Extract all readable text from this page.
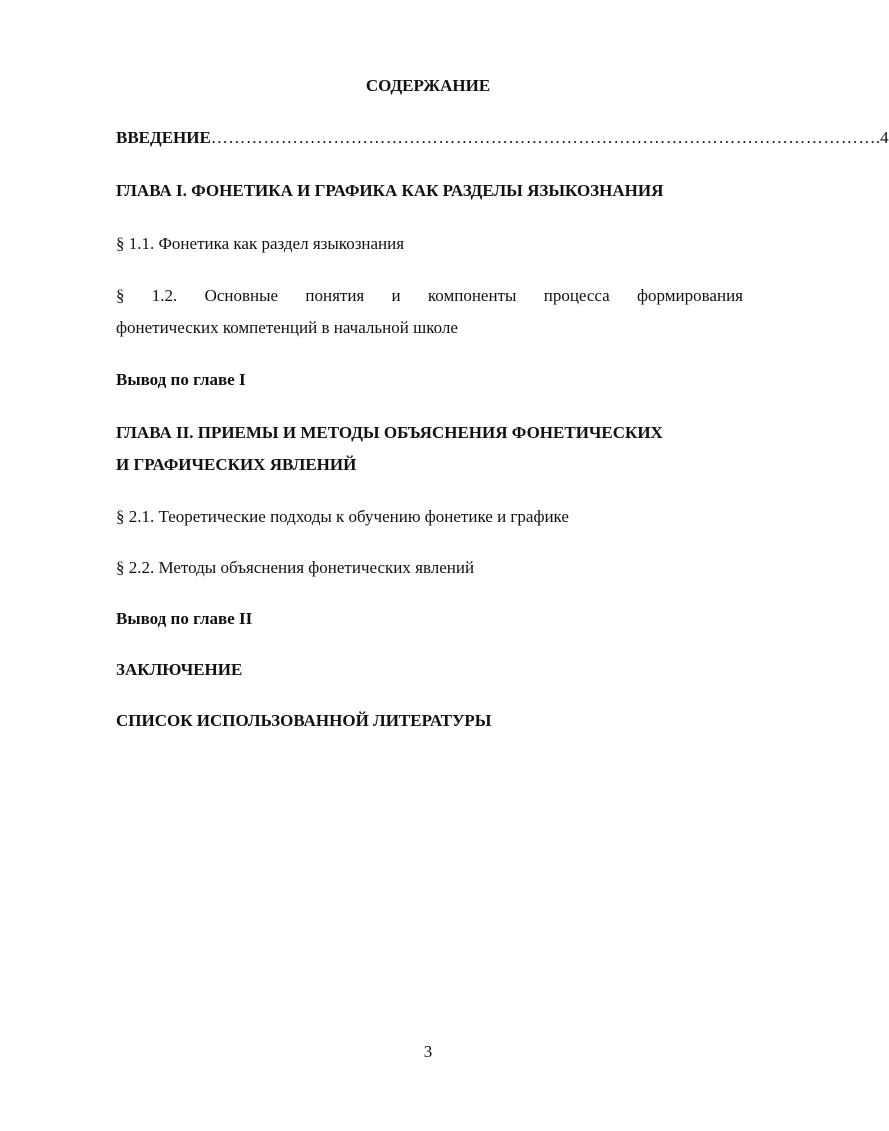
СОДЕРЖАНИЕ
ВВЕДЕНИЕ …………………………………………………………………………………………………… .4
ГЛАВА I. ФОНЕТИКА И ГРАФИКА КАК РАЗДЕЛЫ ЯЗЫКОЗНАНИЯ
§ 1.1. Фонетика как раздел языкознания
§ 1.2. Основные понятия и компоненты процесса формирования
фонетических компетенций в начальной школе
Вывод по главе I
ГЛАВА II. ПРИЕМЫ И МЕТОДЫ ОБЪЯСНЕНИЯ ФОНЕТИЧЕСКИХ
И ГРАФИЧЕСКИХ ЯВЛЕНИЙ
§ 2.1. Теоретические подходы к обучению фонетике и графике
§ 2.2. Методы объяснения фонетических явлений
Вывод по главе II
ЗАКЛЮЧЕНИЕ
СПИСОК ИСПОЛЬЗОВАННОЙ ЛИТЕРАТУРЫ
3
